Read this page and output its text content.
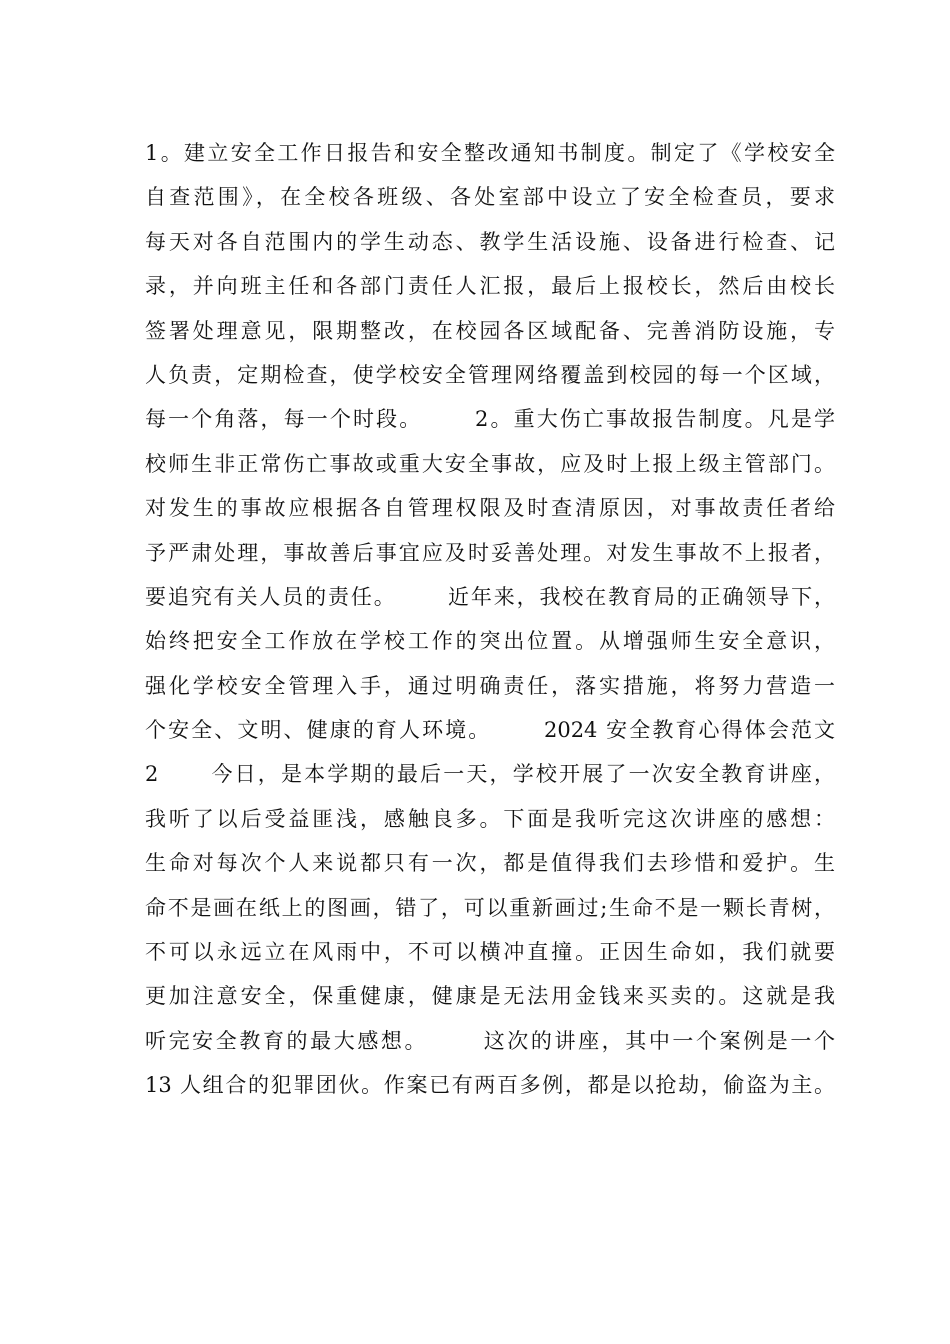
1。建立安全工作日报告和安全整改通知书制度。制定了《学校安全
自查范围》，在全校各班级、各处室部中设立了安全检查员，要求
每天对各自范围内的学生动态、教学生活设施、设备进行检查、记
录，并向班主任和各部门责任人汇报，最后上报校长，然后由校长
签署处理意见，限期整改，在校园各区域配备、完善消防设施，专
人负责，定期检查，使学校安全管理网络覆盖到校园的每一个区域，
每一个角落，每一个时段。      2。重大伤亡事故报告制度。凡是学
校师生非正常伤亡事故或重大安全事故，应及时上报上级主管部门。
对发生的事故应根据各自管理权限及时查清原因，对事故责任者给
予严肃处理，事故善后事宜应及时妥善处理。对发生事故不上报者，
要追究有关人员的责任。      近年来，我校在教育局的正确领导下，
始终把安全工作放在学校工作的突出位置。从增强师生安全意识，
强化学校安全管理入手，通过明确责任，落实措施，将努力营造一
个安全、文明、健康的育人环境。      2024 安全教育心得体会范文
2      今日，是本学期的最后一天，学校开展了一次安全教育讲座，
我听了以后受益匪浅，感触良多。下面是我听完这次讲座的感想：
生命对每次个人来说都只有一次，都是值得我们去珍惜和爱护。生
命不是画在纸上的图画，错了，可以重新画过;生命不是一颗长青树，
不可以永远立在风雨中，不可以横冲直撞。正因生命如，我们就要
更加注意安全，保重健康，健康是无法用金钱来买卖的。这就是我
听完安全教育的最大感想。      这次的讲座，其中一个案例是一个
13 人组合的犯罪团伙。作案已有两百多例，都是以抢劫，偷盗为主。
